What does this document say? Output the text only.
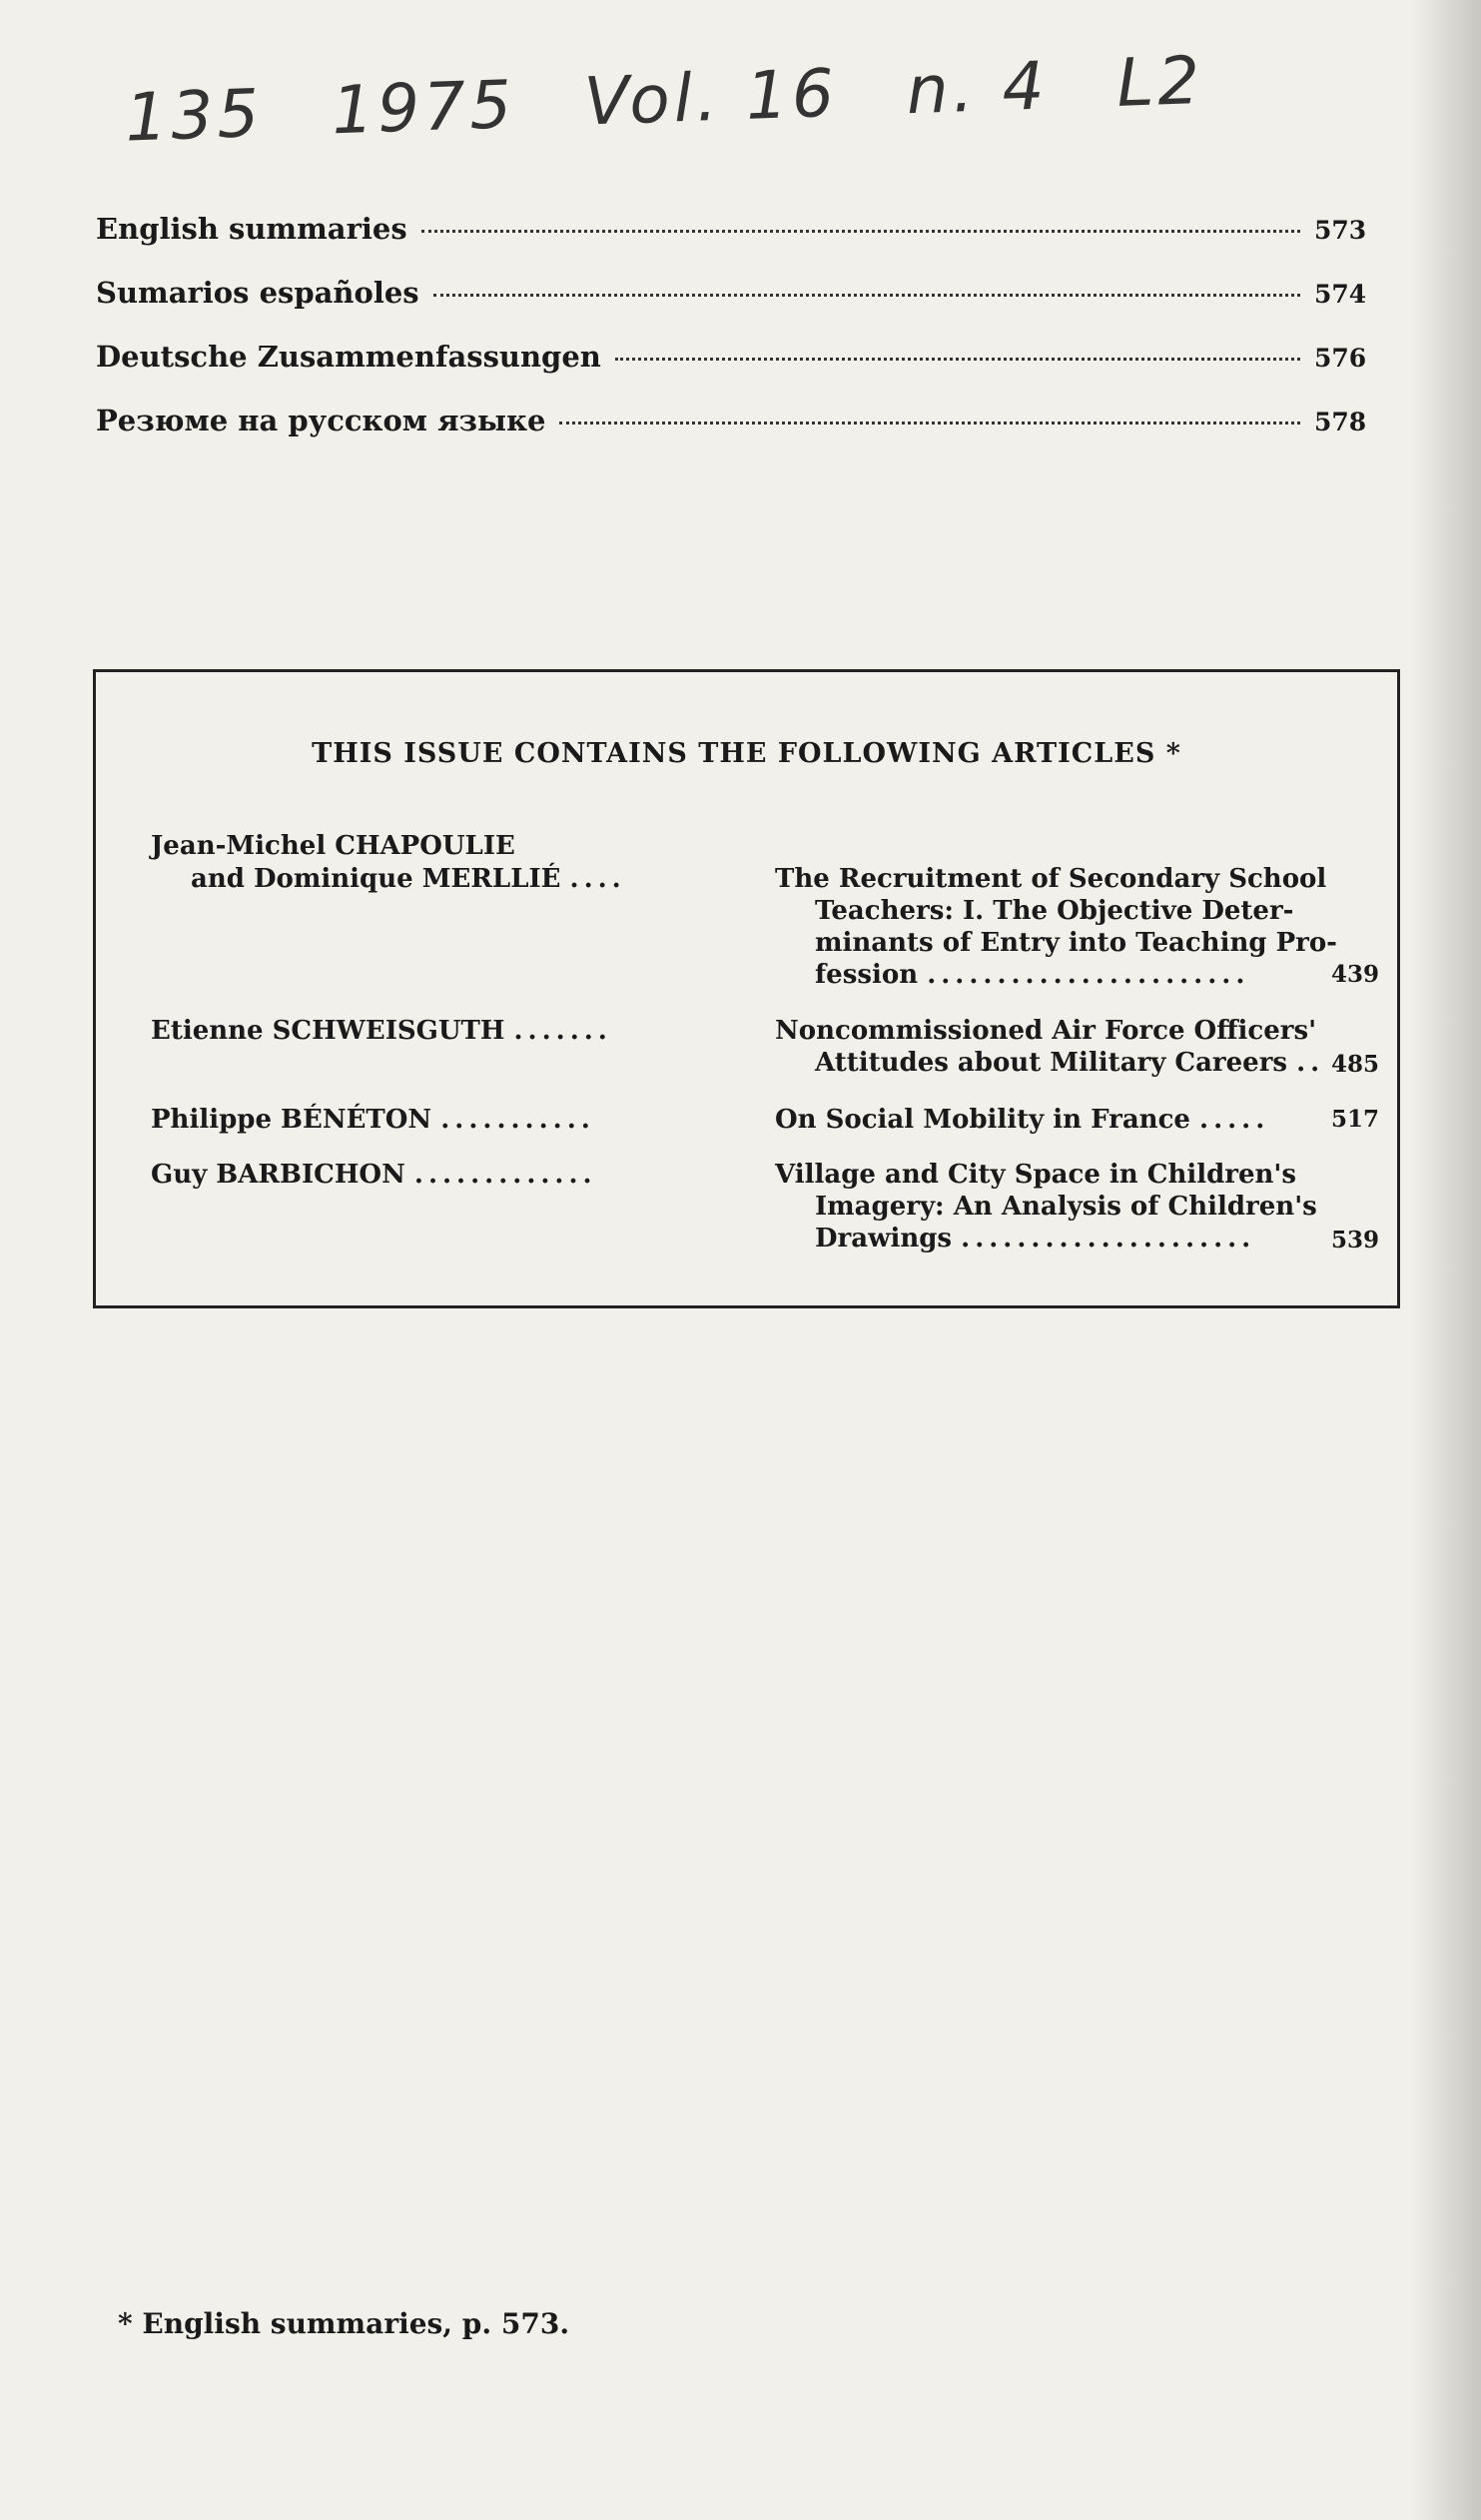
135 1975 Vol. 16 n. 4 L2
English summaries	573
Sumarios españoles	574
Deutsche Zusammenfassungen	576
Резюме на русском языке	578
THIS ISSUE CONTAINS THE FOLLOWING ARTICLES *
Jean-Michel CHAPOULIE
and Dominique MERLLIÉ ....	The Recruitment of Secondary School
Teachers: I. The Objective Deter-
minants of Entry into Teaching Pro-
fession .......................	439
Etienne SCHWEISGUTH .......	Noncommissioned Air Force Officers'
Attitudes about Military Careers .. 485
Philippe BÉNÉTON ...........	On Social Mobility in France .....	517
Guy BARBICHON .............	Village and City Space in Children's
Imagery: An Analysis of Children's
Drawings .....................	539
* English summaries, p. 573.
